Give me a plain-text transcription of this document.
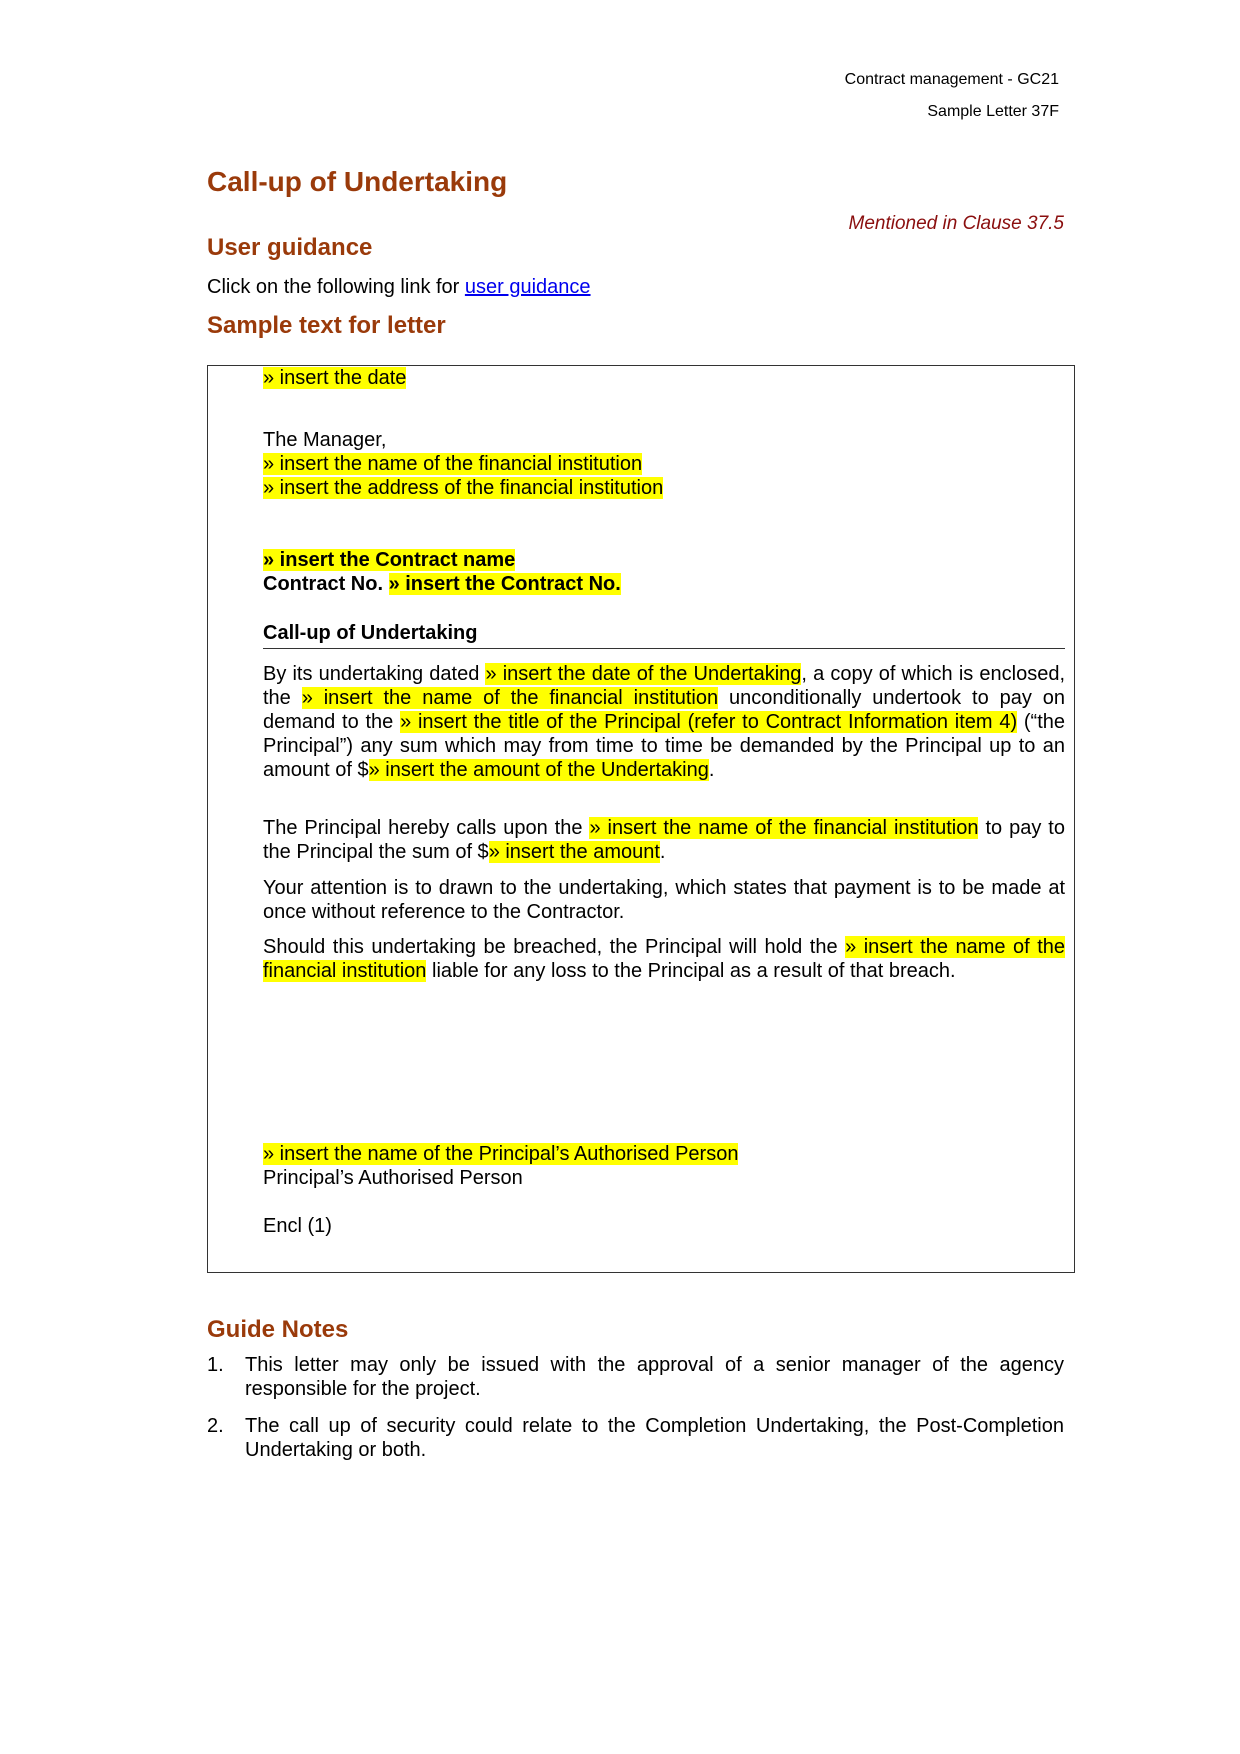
Contract management - GC21
Sample Letter 37F
Call-up of Undertaking
Mentioned in Clause 37.5
User guidance
Click on the following link for user guidance
Sample text for letter
» insert the date
The Manager,
» insert the name of the financial institution
» insert the address of the financial institution
» insert the Contract name
Contract No. » insert the Contract No.
Call-up of Undertaking

By its undertaking dated » insert the date of the Undertaking, a copy of which is enclosed, the » insert the name of the financial institution unconditionally undertook to pay on demand to the » insert the title of the Principal (refer to Contract Information item 4) (“the Principal”) any sum which may from time to time be demanded by the Principal up to an amount of $» insert the amount of the Undertaking.

The Principal hereby calls upon the » insert the name of the financial institution to pay to the Principal the sum of $» insert the amount.

Your attention is to drawn to the undertaking, which states that payment is to be made at once without reference to the Contractor.

Should this undertaking be breached, the Principal will hold the » insert the name of the financial institution liable for any loss to the Principal as a result of that breach.

» insert the name of the Principal’s Authorised Person
Principal’s Authorised Person
Encl (1)
Guide Notes
1. This letter may only be issued with the approval of a senior manager of the agency responsible for the project.
2. The call up of security could relate to the Completion Undertaking, the Post-Completion Undertaking or both.
